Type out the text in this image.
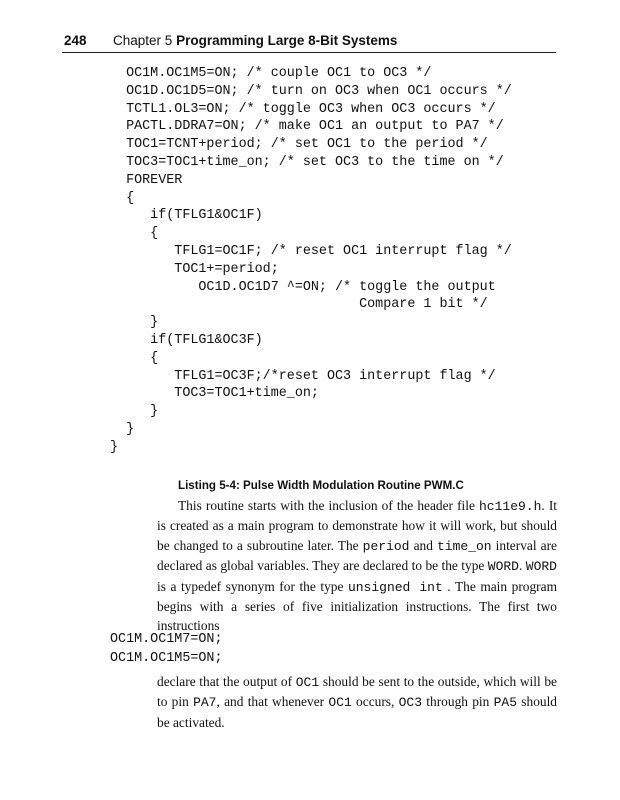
248 Chapter 5 Programming Large 8-Bit Systems
OC1M.OC1M5=ON; /* couple OC1 to OC3 */
OC1D.OC1D5=ON; /* turn on OC3 when OC1 occurs */
TCTL1.OL3=ON; /* toggle OC3 when OC3 occurs */
PACTL.DDRA7=ON; /* make OC1 an output to PA7 */
TOC1=TCNT+period; /* set OC1 to the period */
TOC3=TOC1+time_on; /* set OC3 to the time on */
FOREVER
{
if(TFLG1&OC1F)
{
TFLG1=OC1F; /* reset OC1 interrupt flag */
TOC1+=period;
OC1D.OC1D7 ^=ON; /* toggle the output
Compare 1 bit */
}
if(TFLG1&OC3F)
{
TFLG1=OC3F;/*reset OC3 interrupt flag */
TOC3=TOC1+time_on;
}
}
}
Listing 5-4: Pulse Width Modulation Routine PWM.C

This routine starts with the inclusion of the header file hc11e9.h. It is created as a main program to demonstrate how it will work, but should be changed to a subroutine later. The period and time_on interval are declared as global variables. They are declared to be the type WORD. WORD is a typedef synonym for the type unsigned int . The main program begins with a series of five initialization instructions. The first two instructions

OC1M.OC1M7=ON;
OC1M.OC1M5=ON;

declare that the output of OC1 should be sent to the outside, which will be to pin PA7, and that whenever OC1 occurs, OC3 through pin PA5 should be activated.
